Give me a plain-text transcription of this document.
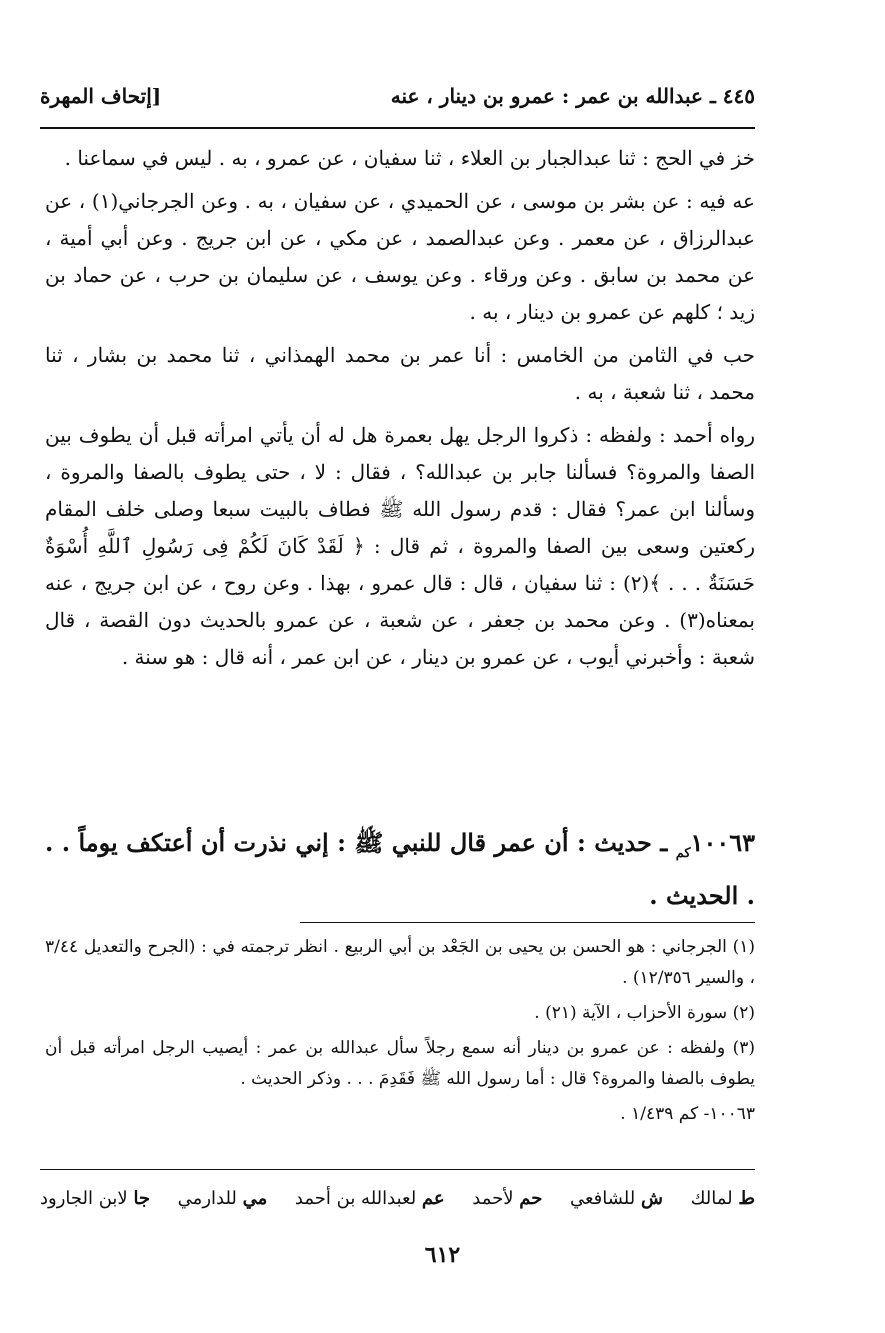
٤٤٥ ـ عبدالله بن عمر : عمرو بن دينار ، عنه
[إتحاف المهرة

خز في الحج : ثنا عبدالجبار بن العلاء ، ثنا سفيان ، عن عمرو ، به . ليس في سماعنا .

عه فيه : عن بشر بن موسى ، عن الحميدي ، عن سفيان ، به . وعن الجرجاني(١) ، عن عبدالرزاق ، عن معمر . وعن عبدالصمد ، عن مكي ، عن ابن جريج . وعن أبي أمية ، عن محمد بن سابق . وعن ورقاء . وعن يوسف ، عن سليمان بن حرب ، عن حماد بن زيد ؛ كلهم عن عمرو بن دينار ، به .

حب في الثامن من الخامس : أنا عمر بن محمد الهمذاني ، ثنا محمد بن بشار ، ثنا محمد ، ثنا شعبة ، به .

رواه أحمد : ولفظه : ذكروا الرجل يهل بعمرة هل له أن يأتي امرأته قبل أن يطوف بين الصفا والمروة؟ فسألنا جابر بن عبدالله؟ ، فقال : لا ، حتى يطوف بالصفا والمروة ، وسألنا ابن عمر؟ فقال : قدم رسول الله ﷺ فطاف بالبيت سبعا وصلى خلف المقام ركعتين وسعى بين الصفا والمروة ، ثم قال : ﴿ لَقَدْ كَانَ لَكُمْ فِى رَسُولِ ٱللَّهِ أُسْوَةٌ حَسَنَةٌ . . . ﴾(٢) : ثنا سفيان ، قال : قال عمرو ، بهذا . وعن روح ، عن ابن جريج ، عنه بمعناه(٣) . وعن محمد بن جعفر ، عن شعبة ، عن عمرو بالحديث دون القصة ، قال شعبة : وأخبرني أيوب ، عن عمرو بن دينار ، عن ابن عمر ، أنه قال : هو سنة .

$١٠٠٦٣_{كم}$ ـ حديث : أن عمر قال للنبي ﷺ : إني نذرت أن أعتكف يوماً . . . الحديث .

(١) الجرجاني : هو الحسن بن يحيى بن الجَعْد بن أبي الربيع . انظر ترجمته في : (الجرح والتعديل ٣/٤٤ ، والسير ١٢/٣٥٦) .

(٢) سورة الأحزاب ، الآية (٢١) .

(٣) ولفظه : عن عمرو بن دينار أنه سمع رجلاً سأل عبدالله بن عمر : أيصيب الرجل امرأته قبل أن يطوف بالصفا والمروة؟ قال : أما رسول الله ﷺ فَقَدِمَ . . . وذكر الحديث .

١٠٠٦٣- كم ١/٤٣٩ .

ط لمالك
ش للشافعي
حم لأحمد
عم لعبدالله بن أحمد
مي للدارمي
جا لابن الجارود
٦١٢
